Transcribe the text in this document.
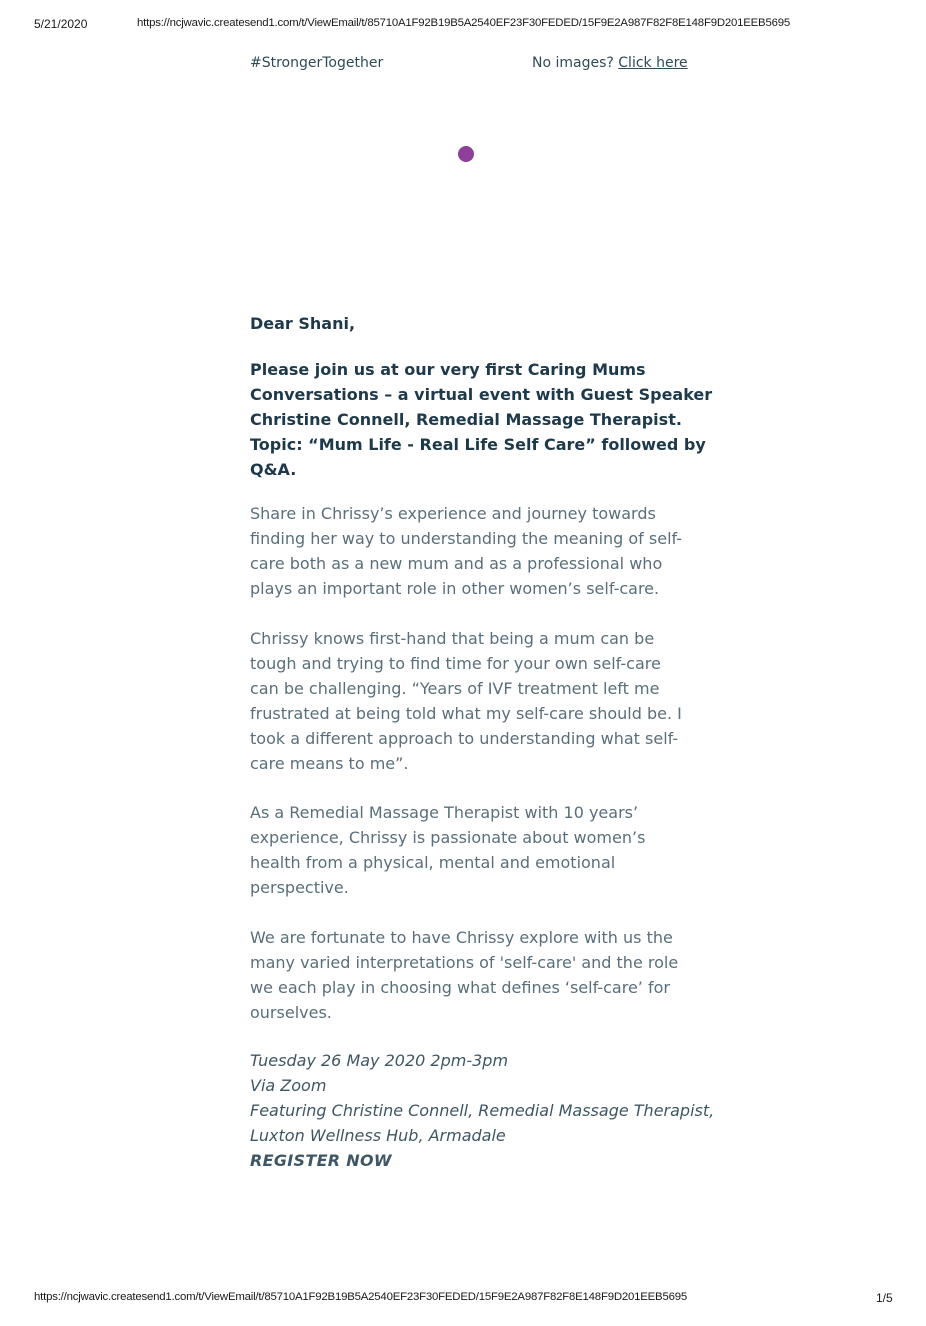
5/21/2020	https://ncjwavic.createsend1.com/t/ViewEmail/t/85710A1F92B19B5A2540EF23F30FEDED/15F9E2A987F82F8E148F9D201EEB5695
#StrongerTogether	No images? Click here
Dear Shani,

Please join us at our very first Caring Mums

Conversations – a virtual event with Guest Speaker

Christine Connell, Remedial Massage Therapist.

Topic: “Mum Life - Real Life Self Care” followed by

Q&A.

Share in Chrissy’s experience and journey towards

finding her way to understanding the meaning of self-

care both as a new mum and as a professional who

plays an important role in other women’s self-care.

Chrissy knows first-hand that being a mum can be

tough and trying to find time for your own self-care

can be challenging. “Years of IVF treatment left me

frustrated at being told what my self-care should be. I

took a different approach to understanding what self-

care means to me”.

As a Remedial Massage Therapist with 10 years’

experience, Chrissy is passionate about women’s

health from a physical, mental and emotional

perspective.

We are fortunate to have Chrissy explore with us the

many varied interpretations of 'self-care' and the role

we each play in choosing what defines ‘self-care’ for

ourselves.

Tuesday 26 May 2020 2pm-3pm

Via Zoom

Featuring Christine Connell, Remedial Massage Therapist,

Luxton Wellness Hub, Armadale

REGISTER NOW

https://ncjwavic.createsend1.com/t/ViewEmail/t/85710A1F92B19B5A2540EF23F30FEDED/15F9E2A987F82F8E148F9D201EEB5695	1/5
